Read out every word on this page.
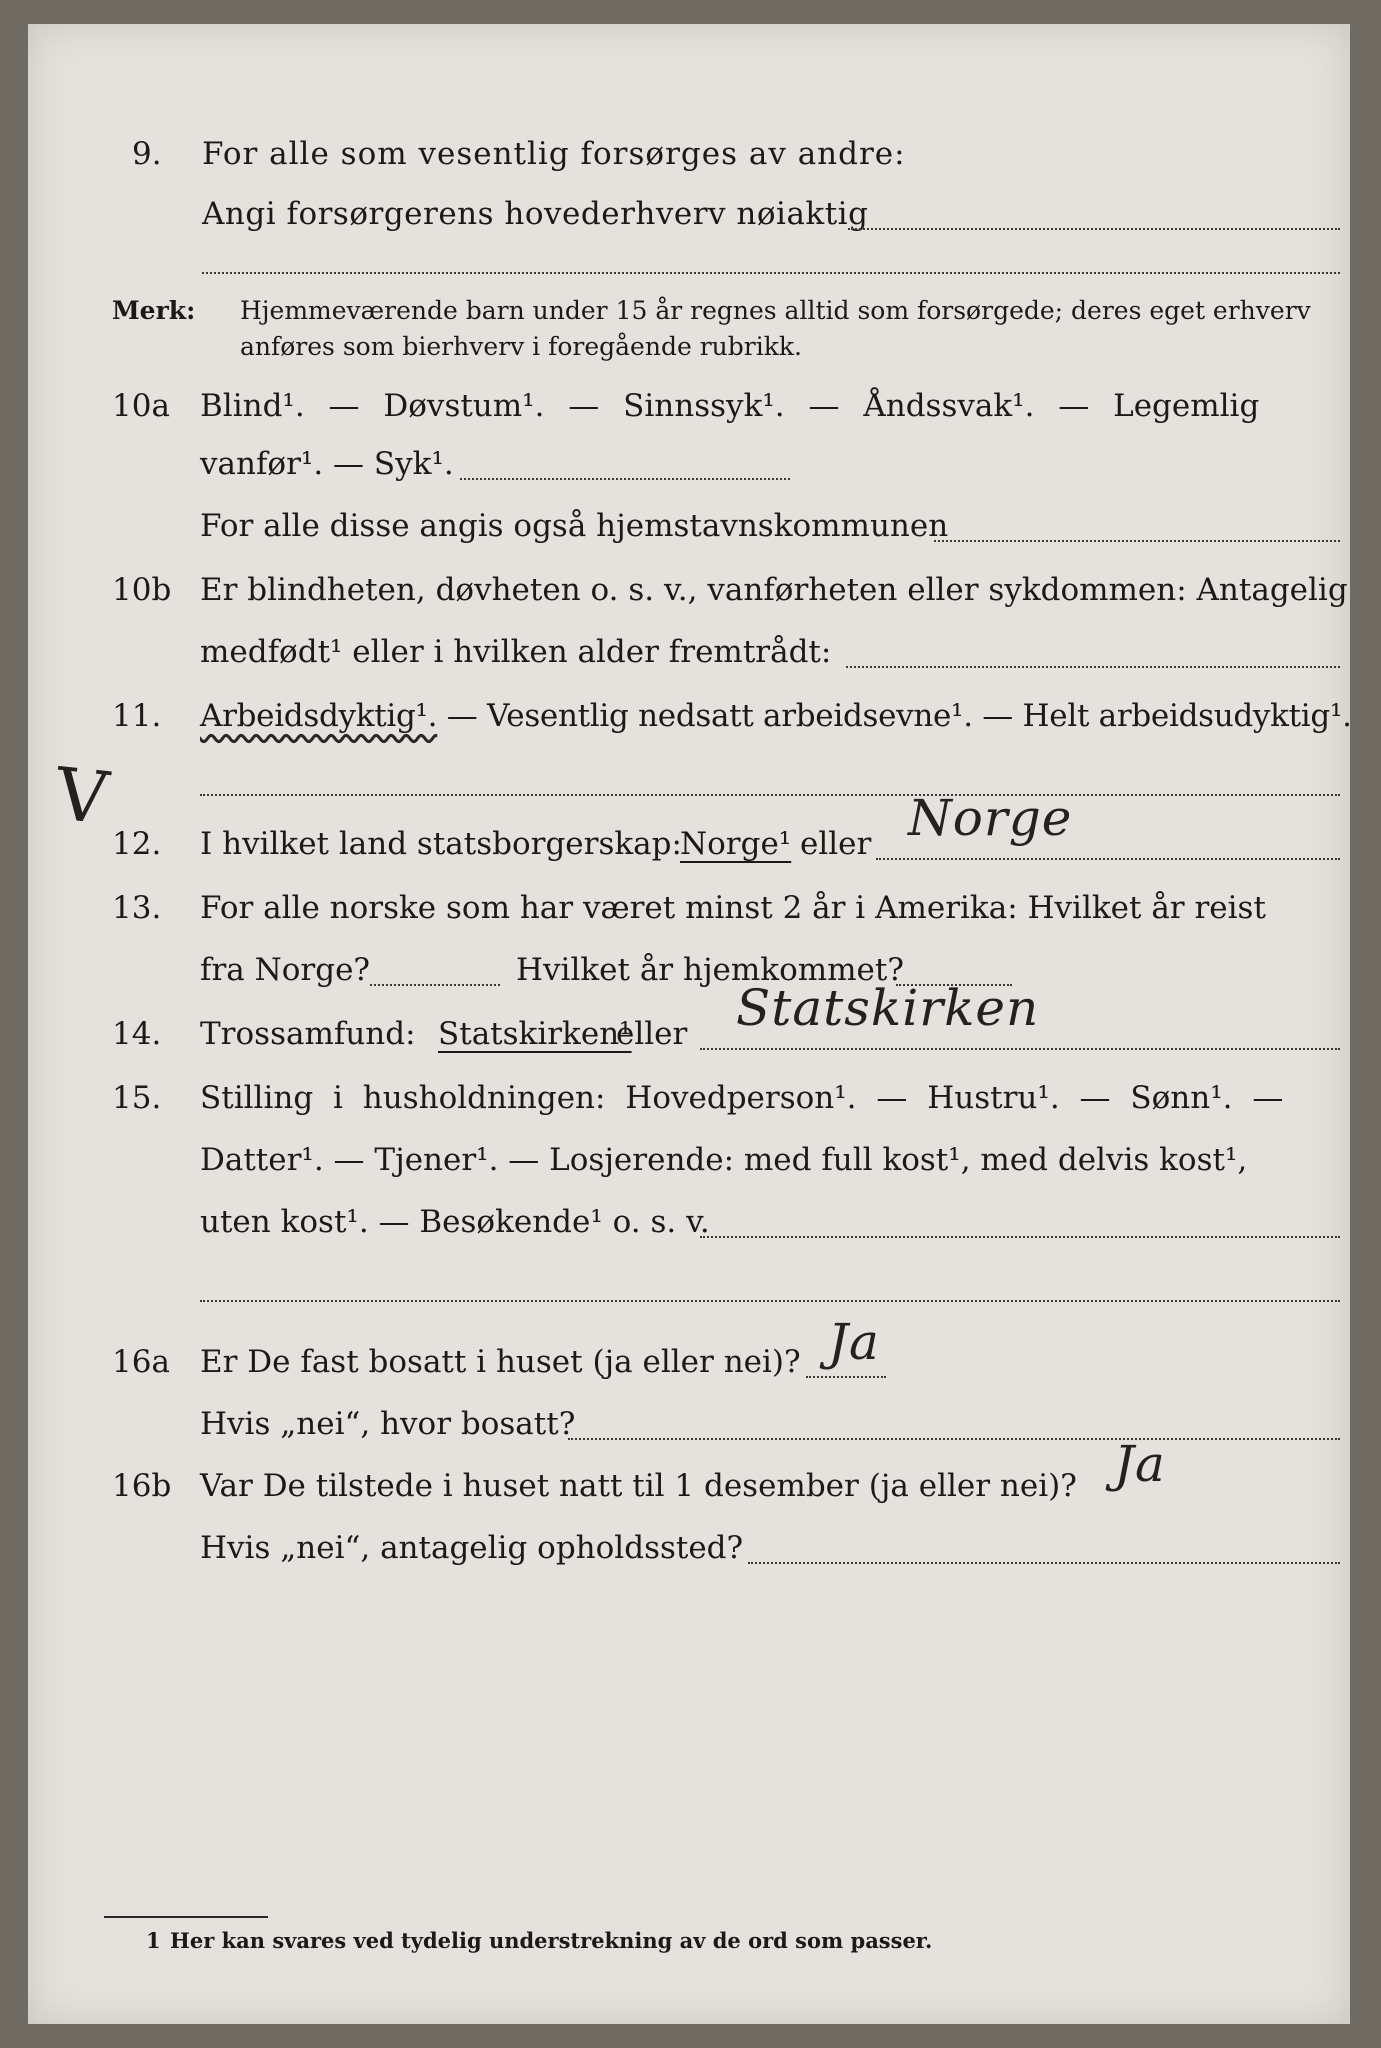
9. For alle som vesentlig forsørges av andre:
Angi forsørgerens hovederhverv nøiaktig
Merk: Hjemmeværende barn under 15 år regnes alltid som forsørgede; deres eget erhverv
anføres som bierhverv i foregående rubrikk.
10a Blind¹. — Døvstum¹. — Sinnssyk¹. — Åndssvak¹. — Legemlig
vanfør¹. — Syk¹.
For alle disse angis også hjemstavnskommunen
10b Er blindheten, døvheten o. s. v., vanførheten eller sykdommen: Antagelig
medfødt¹ eller i hvilken alder fremtrådt:
11. Arbeidsdyktig¹. — Vesentlig nedsatt arbeidsevne¹. — Helt arbeidsudyktig¹.
V
12. I hvilket land statsborgerskap:
Norge¹ eller Norge
13. For alle norske som har været minst 2 år i Amerika: Hvilket år reist
fra Norge?	Hvilket år hjemkommet?
14. Trossamfund: Statskirken¹
eller Statskirken
15. Stilling i husholdningen: Hovedperson¹. — Hustru¹. — Sønn¹. —
Datter¹. — Tjener¹. — Losjerende: med full kost¹, med delvis kost¹,
uten kost¹. — Besøkende¹ o. s. v.
16a Er De fast bosatt i huset (ja eller nei)? Ja
Hvis „nei“, hvor bosatt?
16b Var De tilstede i huset natt til 1 desember (ja eller nei)? Ja
Hvis „nei“, antagelig opholdssted?
1 Her kan svares ved tydelig understrekning av de ord som passer.
